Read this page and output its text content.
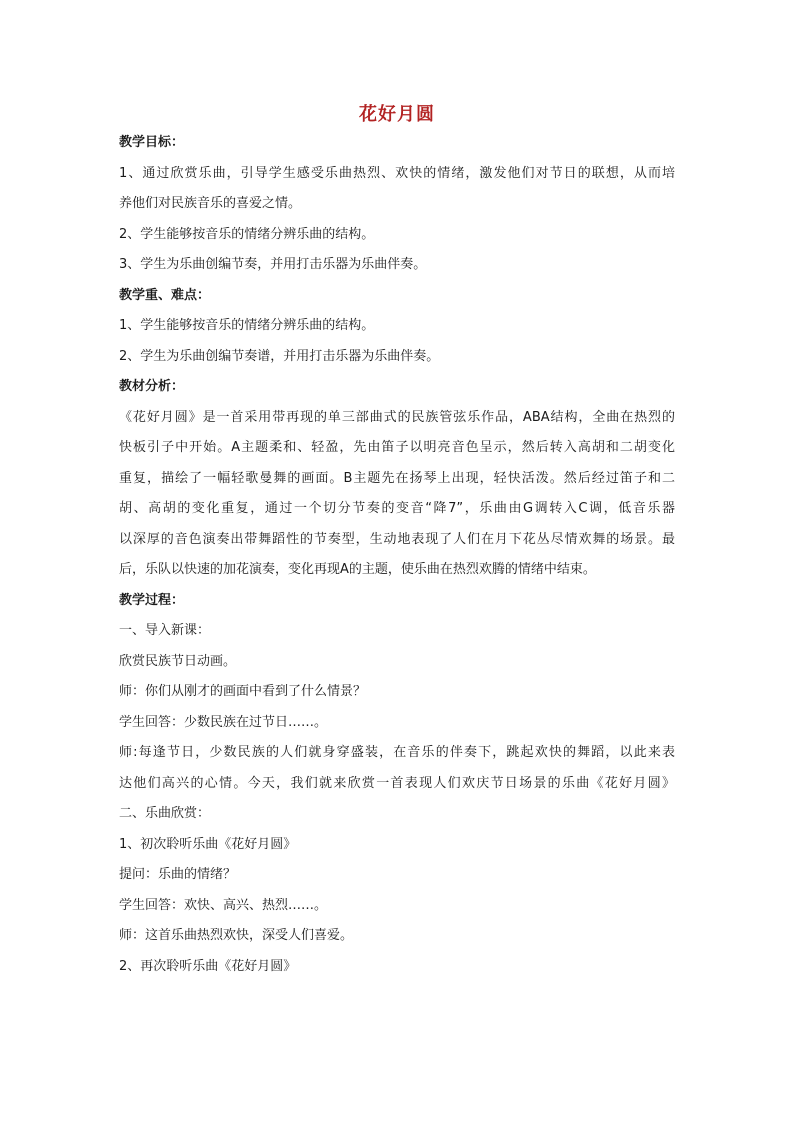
花好月圆
教学目标：
1、通过欣赏乐曲，引导学生感受乐曲热烈、欢快的情绪，激发他们对节日的联想，从而培
养他们对民族音乐的喜爱之情。
2、学生能够按音乐的情绪分辨乐曲的结构。
3、学生为乐曲创编节奏，并用打击乐器为乐曲伴奏。
教学重、难点：
1、学生能够按音乐的情绪分辨乐曲的结构。
2、学生为乐曲创编节奏谱，并用打击乐器为乐曲伴奏。
教材分析：
《花好月圆》是一首采用带再现的单三部曲式的民族管弦乐作品，ABA结构，全曲在热烈的
快板引子中开始。A主题柔和、轻盈，先由笛子以明亮音色呈示，然后转入高胡和二胡变化
重复，描绘了一幅轻歌曼舞的画面。B主题先在扬琴上出现，轻快活泼。然后经过笛子和二
胡、高胡的变化重复，通过一个切分节奏的变音“降7”，乐曲由G调转入C调，低音乐器
以深厚的音色演奏出带舞蹈性的节奏型，生动地表现了人们在月下花丛尽情欢舞的场景。最
后，乐队以快速的加花演奏，变化再现A的主题，使乐曲在热烈欢腾的情绪中结束。
教学过程：
一、导入新课：
欣赏民族节日动画。
师：你们从刚才的画面中看到了什么情景？
学生回答：少数民族在过节日……。
师:每逢节日，少数民族的人们就身穿盛装，在音乐的伴奏下，跳起欢快的舞蹈，以此来表
达他们高兴的心情。今天，我们就来欣赏一首表现人们欢庆节日场景的乐曲《花好月圆》
二、乐曲欣赏：
1、初次聆听乐曲《花好月圆》
提问：乐曲的情绪？
学生回答：欢快、高兴、热烈……。
师：这首乐曲热烈欢快，深受人们喜爱。
2、再次聆听乐曲《花好月圆》
